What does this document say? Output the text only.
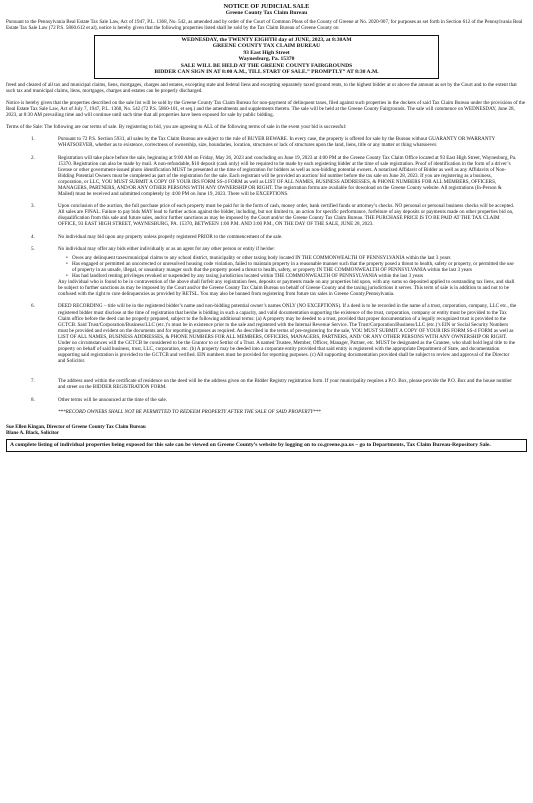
NOTICE OF JUDICIAL SALE
Greene County Tax Claim Bureau

Pursuant to the Pennsylvania Real Estate Tax Sale Law, Act of 1947, P.L. 1368, No. 542, as amended and by order of the Court of Common Pleas of the County of Greene at No. 2020-907, for purposes as set forth in Section 612 of the Pennsylvania Real Estate Tax Sale Law (72 P.S. 5860.612 et al), notice is hereby given that the following properties listed shall be sold by the Tax Claim Bureau of Greene County on

WEDNESDAY, the TWENTY EIGHTH day of JUNE, 2023, at 8:30AM
GREENE COUNTY TAX CLAIM BUREAU
93 East High Street
Waynesburg, Pa. 15370
SALE WILL BE HELD AT THE GREENE COUNTY FAIRGROUNDS
BIDDER CAN SIGN IN AT 8:00 A.M., TILL START OF SALE.” PROMPTLY” AT 8:30 A.M.

freed and cleared of all tax and municipal claims, liens, mortgages, charges and estates, excepting state and federal liens and excepting separately taxed ground rents, to the highest bidder at or above the amount as set by the Court and to the extent that such tax and municipal claims, liens, mortgages, charges and estates can be properly discharged.

Notice is hereby given that the properties described on the sale list will be sold by the Greene County Tax Claim Bureau for non-payment of delinquent taxes, filed against such properties in the dockets of said Tax Claim Bureau under the provisions of the Real Estate Tax Sale Law, Act of July 7, 1947, P.L. 1368, No. 542 (72 P.S. 5860-101, et seq.) and the amendments and supplements thereto. The sale will be held at the Greene County Fairgrounds. The sale will commence on WEDNESDAY, June 28, 2023, at 8:30 AM prevailing time and will continue until such time that all properties have been exposed for sale by public bidding.

Terms of the Sale: The following are our terms of sale. By registering to bid, you are agreeing to ALL of the following terms of sale in the event your bid is successful:

1.	Pursuant to 72 P.S. Section 5931, all sales by the Tax Claim Bureau are subject to the rule of BUYER BEWARE. In every case, the property is offered for sale by the Bureau without GUARANTY OR WARRANTY WHATSOEVER, whether as to existence, correctness of ownership, size, boundaries, location, structures or lack of structures upon the land, liens, title or any matter or thing whatsoever.
2.	Registration will take place before the sale, beginning at 9:00 AM on Friday, May 26, 2023 and concluding on June 19, 2023 at 4:00 PM at the Greene County Tax Claim Office located at 93 East High Street, Waynesburg, Pa. 15370. Registration can also be made by mail. A non-refundable, $10 deposit (cash only) will be required to be made by each registering bidder at the time of sale registration. Proof of identification in the form of a driver’s license or other government-issued photo identification MUST be presented at the time of registration for bidders as well as non-bidding potential owners. A notarized Affidavit of Bidder as well as any Affidavits of Non-Bidding Potential Owners must be completed as part of the registration for the sale. Each registrant will be provided an auction/ bid number before the tax sale on June 28, 2023. If you are registering as a business, corporation, or LLC, YOU MUST SUBMIT A COPY OF YOUR IRS FORM SS-4 FORM as well as LIST OF ALL NAMES, BUSINESS ADDRESSES, & PHONE NUMBERS FOR ALL MEMBERS, OFFICERS, MANAGERS, PARTNERS, AND/OR ANY OTHER PERSONS WITH ANY OWNERSHIP OR RIGHT. The registration forms are available for download on the Greene County website. All registrations (In-Person & Mailed) must be received and submitted completely by 4:00 PM on June 19, 2023. There will be EXCEPTIONS.
3.	Upon conclusion of the auction, the full purchase price of each property must be paid for in the form of cash, money order, bank certified funds or attorney’s checks. NO personal or personal business checks will be accepted. All sales are FINAL. Failure to pay bids MAY lead to further action against the bidder, including, but not limited to, an action for specific performance, forfeiture of any deposits or payments made on other properties bid on, disqualification from this sale and future sales, and/or further sanctions as may be imposed by the Court and/or the Greene County Tax Claim Bureau. THE PURCHASE PRICE IS TO BE PAID AT THE TAX CLAIM OFFICE, 93 EAST HIGH STREET, WAYNESBURG, PA. 15370, BETWEEN 1:00 P.M. AND 3:00 P.M., ON THE DAY OF THE SALE, JUNE 28, 2023.
4.	No individual may bid upon any property unless properly registered PRIOR to the commencement of the sale.
5.	No individual may offer any bids either individually or as an agent for any other person or entity if he/she:
• Owes any delinquent taxes/municipal claims to any school district, municipality or other taxing body located IN THE COMMONWEALTH OF PENNSYLVANIA within the last 3 years
• Has engaged or permitted an uncorrected or unresolved housing code violation, failed to maintain property in a reasonable manner such that the property posed a threat to health, safety or property, or permitted the use of property in an unsafe, illegal, or unsanitary manger such that the property posed a threat to health, safety, or property IN THE COMMONWEALTH OF PENNSYLVANIA within the last 3 years
• Has had landlord renting privileges revoked or suspended by any taxing jurisdiction located within THE COMMONWEALTH OF PENNSYLVANIA within the last 3 years
Any individual who is found to be in contravention of the above shall forfeit any registration fees, deposits or payments made on any properties bid upon, with any sums so deposited applied to outstanding tax liens, and shall be subject to further sanctions as may be imposed by the Court and/or the Greene County Tax Claim Bureau on behalf of Greene County and the taxing jurisdictions it serves. This term of sale is in addition to and not to be confused with the right to cure delinquencies as provided by RETSL. You may also be banned from registering from future tax sales in Greene County,Pennsylvania.
6.	DEED RECORDING – title will be in the registered bidder’s name and non-bidding potential owner’s names ONLY (NO EXCEPTIONS). If a deed is to be recorded in the name of a trust, corporation, company, LLC etc., the registered bidder must disclose at the time of registration that he/she is bidding in such a capacity, and valid documentation supporting the existence of the trust, corporation, company or entity must be provided to the Tax Claim office before the deed can be properly prepared, subject to the following additional terms: (a) A property may be deeded to a trust, provided that proper documentation of a legally recognized trust is provided to the GCTCB. Said Trust/Corporation/Business/LLC (etc.)’s must be in existence prior to the sale and registered with the Internal Revenue Service. The Trust/Corporation/Business/LLC (etc.)’s EIN or Social Security Numbers must be provided and evident on the documents and for reporting purposes as required. As described in the terms of pre-registering for the sale, YOU MUST SUBMIT A COPY OF YOUR IRS FORM SS-4 FORM as well as LIST OF ALL NAMES, BUSINESS ADDRESSES, & PHONE NUMBERS FOR ALL MEMBERS, OFFICERS, MANAGERS, PARTNERS, AND/ OR ANY OTHER PERSONS WITH ANY OWNERSHIP OR RIGHT. Under no circumstances will the GCTCB be considered to be the Grantor to or Settlor of a Trust. A named Trustee, Member, Officer, Manager, Partner, etc. MUST be designated as the Grantee, who shall hold legal title to the property on behalf of said business, trust, LLC, corporation, etc. (b) A property may be deeded into a corporate entity provided that said entity is registered with the appropriate Department of State, and documentation supporting said registration is provided to the GCTCB and verified. EIN numbers must be provided for reporting purposes. (c) All supporting documentation provided shall be subject to review and approval of the Director and Solicitor.
7.	The address used within the certificate of residence on the deed will be the address given on the Bidder Registry registration form. If your municipality requires a P.O. Box, please provide the P.O. Box and the house number and street on the BIDDER REGISTRATION FORM.
8.	Other terms will be announced at the time of the sale.
***RECORD OWNERS SHALL NOT BE PERMITTED TO REDEEM PROPERTY AFTER THE SALE OF SAID PROPERTY***
Sue Ellen Kingan, Director of Greene County Tax Claim Bureau
Blane A. Black, Solicitor
A complete listing of individual properties being exposed for this sale can be viewed on Greene County’s website by logging on to co.greene.pa.us – go to Departments, Tax Claim Bureau-Repository Sale.
